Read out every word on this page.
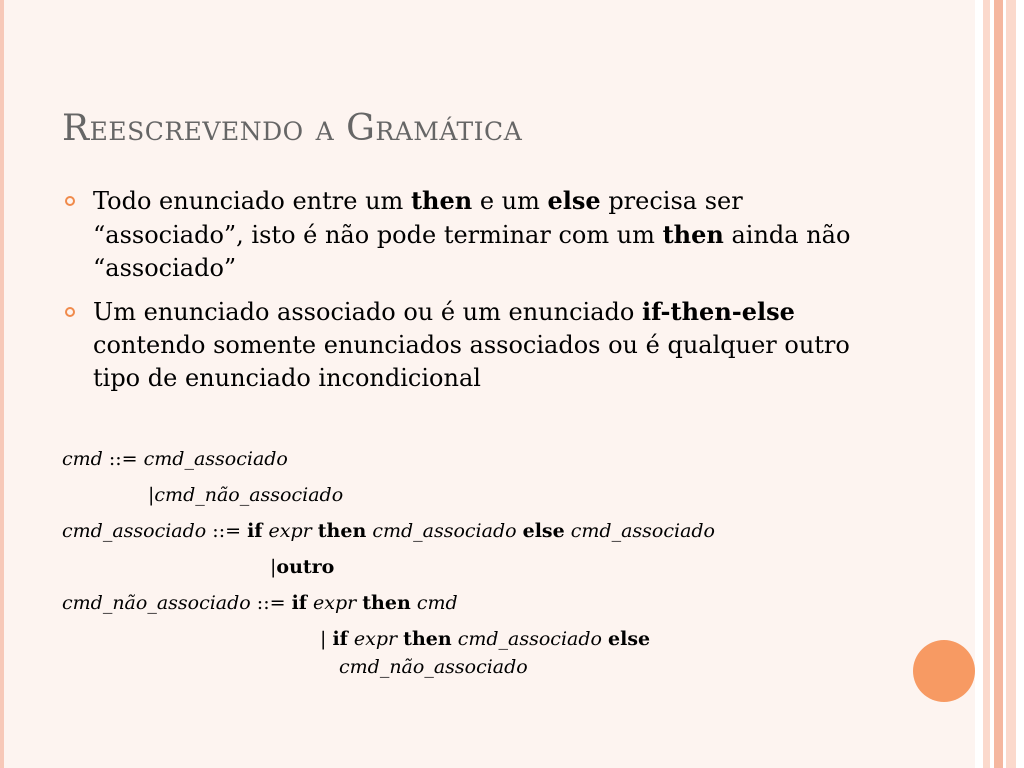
Reescrevendo a Gramática
Todo enunciado entre um then e um else precisa ser “associado”, isto é não pode terminar com um then ainda não “associado”
Um enunciado associado ou é um enunciado if-then-else contendo somente enunciados associados ou é qualquer outro tipo de enunciado incondicional
cmd ::= cmd_associado
|cmd_não_associado
cmd_associado ::= if expr then cmd_associado else cmd_associado
|outro
cmd_não_associado ::= if expr then cmd
| if expr then cmd_associado else
cmd_não_associado
